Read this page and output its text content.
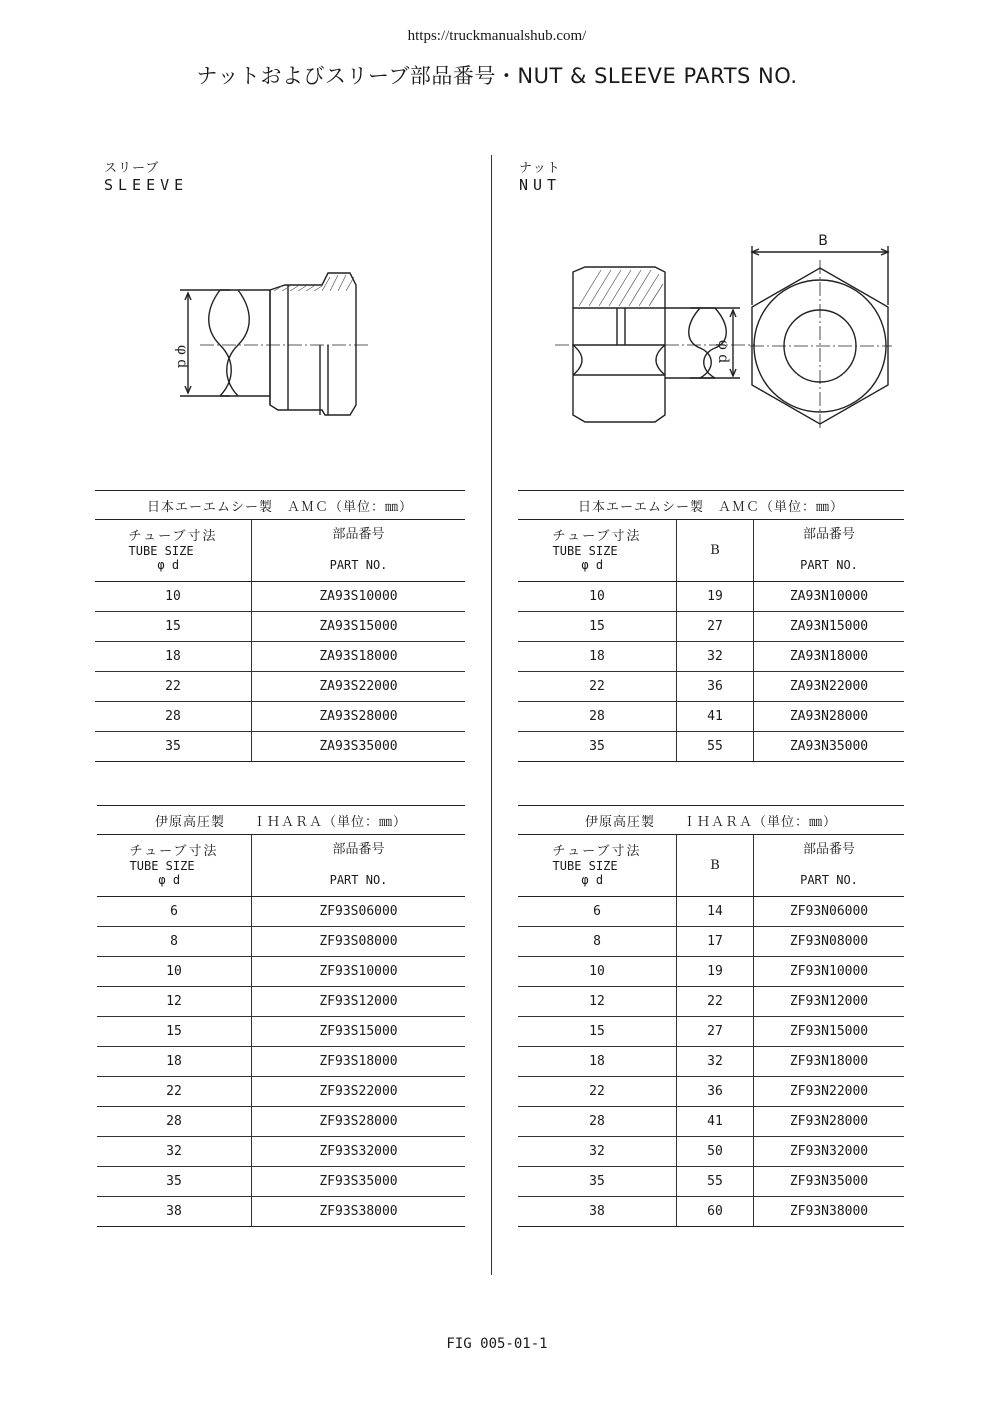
https://truckmanualshub.com/
ナットおよびスリーブ部品番号・NUT & SLEEVE PARTS NO.
スリーブ
SLEEVE
ナット
NUT
φ d
B
φ d
日本エーエムシー製　ＡＭＣ（単位：㎜）	
チューブ寸法
TUBE SIZE
φ d	部品番号
PART NO.

10	ZA93S10000
15	ZA93S15000
18	ZA93S18000
22	ZA93S22000
28	ZA93S28000
35	ZA93S35000
日本エーエムシー製　ＡＭＣ（単位：㎜）		
チューブ寸法
TUBE SIZE
φ d	B	部品番号
PART NO.

10	19	ZA93N10000
15	27	ZA93N15000
18	32	ZA93N18000
22	36	ZA93N22000
28	41	ZA93N28000
35	55	ZA93N35000
伊原高圧製　　ＩＨＡＲＡ（単位：㎜）	
チューブ寸法
TUBE SIZE
φ d	部品番号
PART NO.

6	ZF93S06000
8	ZF93S08000
10	ZF93S10000
12	ZF93S12000
15	ZF93S15000
18	ZF93S18000
22	ZF93S22000
28	ZF93S28000
32	ZF93S32000
35	ZF93S35000
38	ZF93S38000
伊原高圧製　　ＩＨＡＲＡ（単位：㎜）		
チューブ寸法
TUBE SIZE
φ d	B	部品番号
PART NO.

6	14	ZF93N06000
8	17	ZF93N08000
10	19	ZF93N10000
12	22	ZF93N12000
15	27	ZF93N15000
18	32	ZF93N18000
22	36	ZF93N22000
28	41	ZF93N28000
32	50	ZF93N32000
35	55	ZF93N35000
38	60	ZF93N38000
FIG 005-01-1
